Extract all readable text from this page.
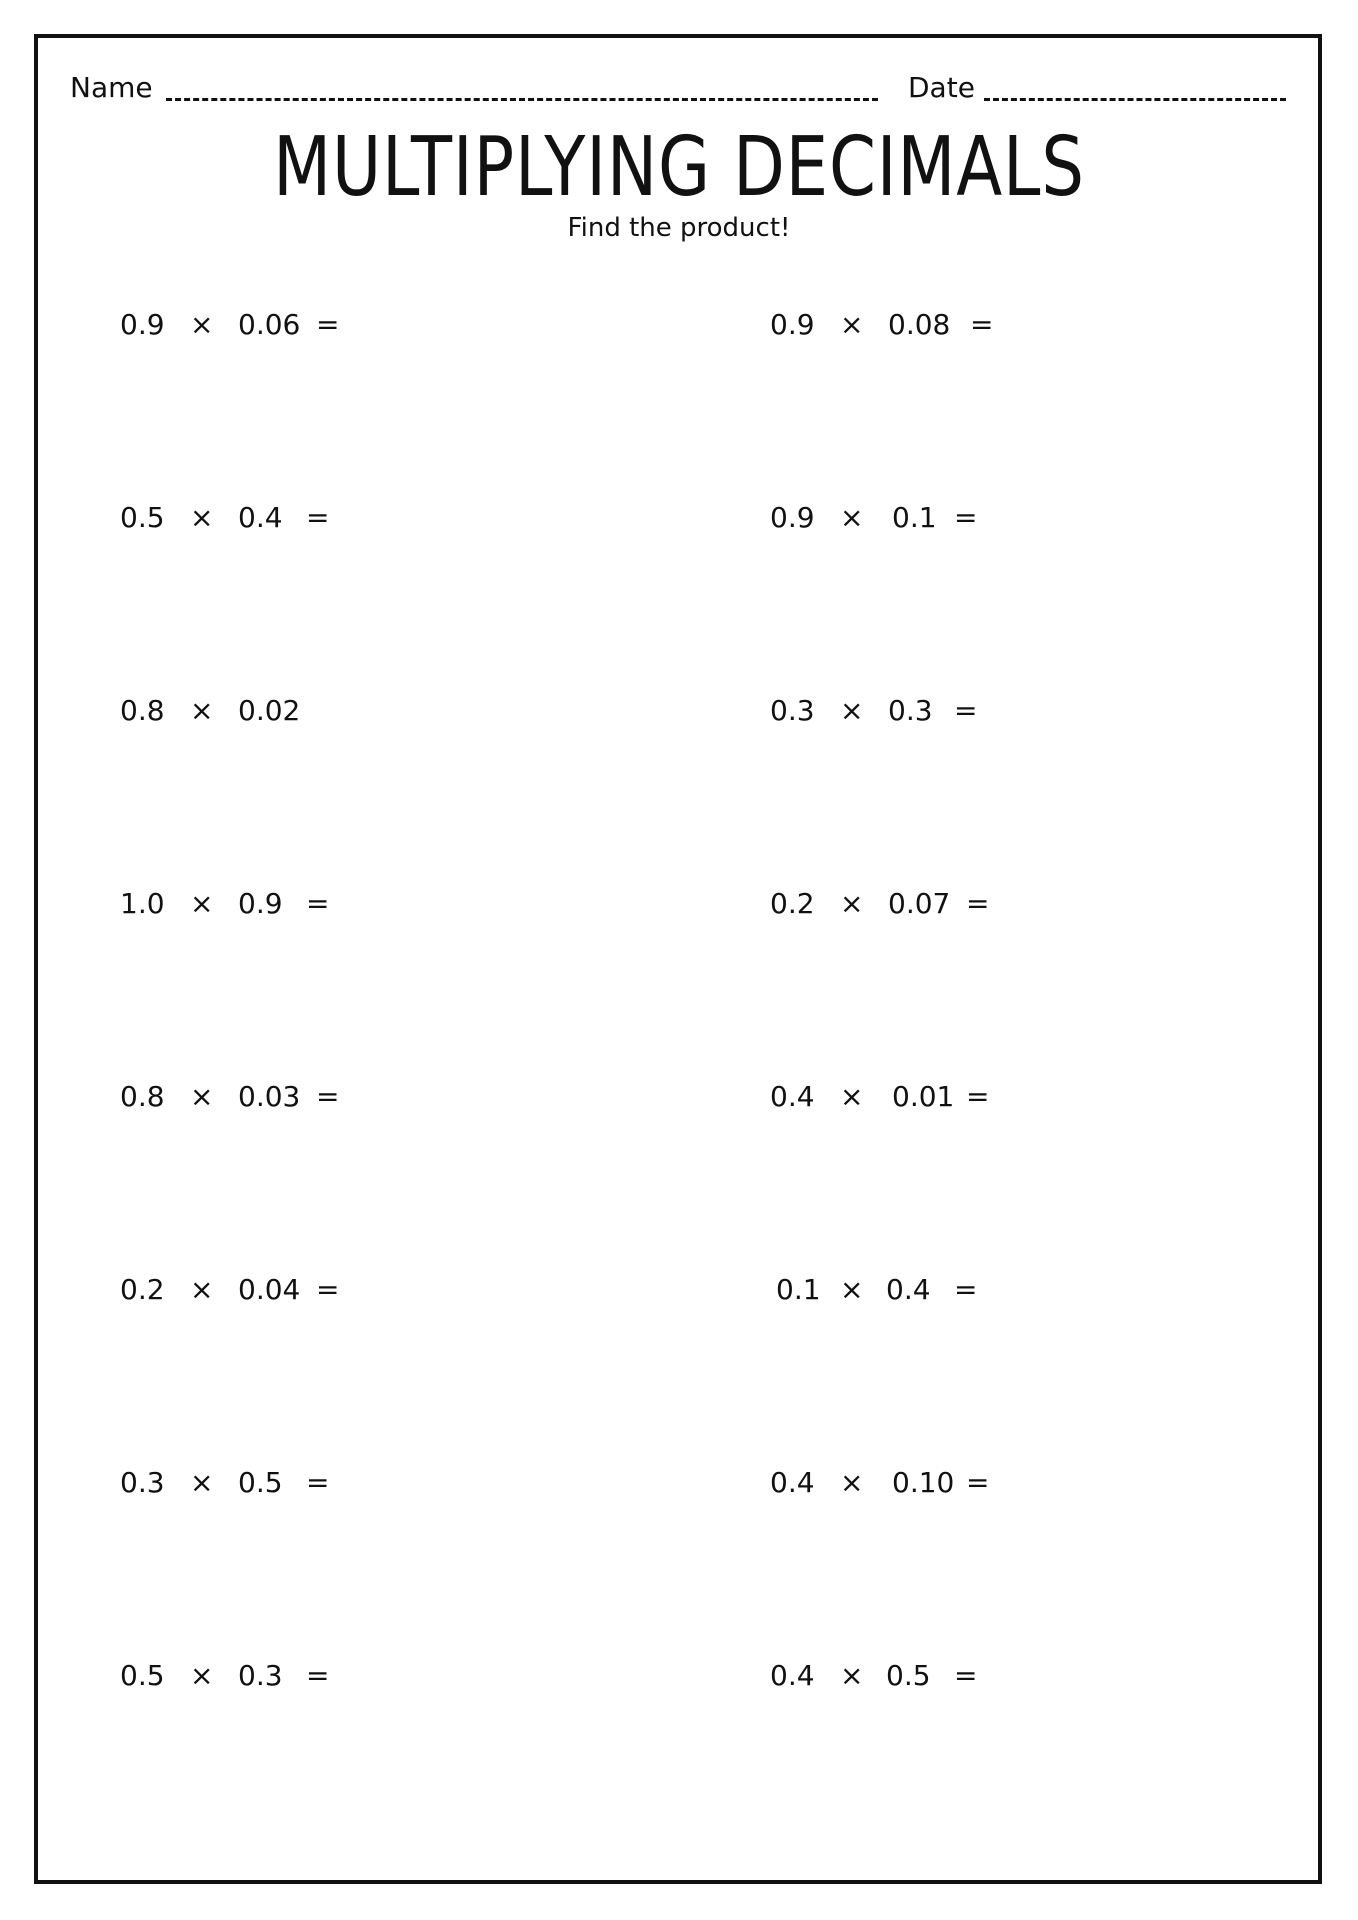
Name	Date
MULTIPLYING DECIMALS
Find the product!
0.9 × 0.06 =
0.5 × 0.4 =
0.8 × 0.02
1.0 × 0.9 =
0.8 × 0.03 =
0.2 × 0.04 =
0.3 × 0.5 =
0.5 × 0.3 =
0.9 × 0.08 =
0.9 × 0.1 =
0.3 × 0.3 =
0.2 × 0.07 =
0.4 × 0.01 =
0.1 × 0.4 =
0.4 × 0.10 =
0.4 × 0.5 =
